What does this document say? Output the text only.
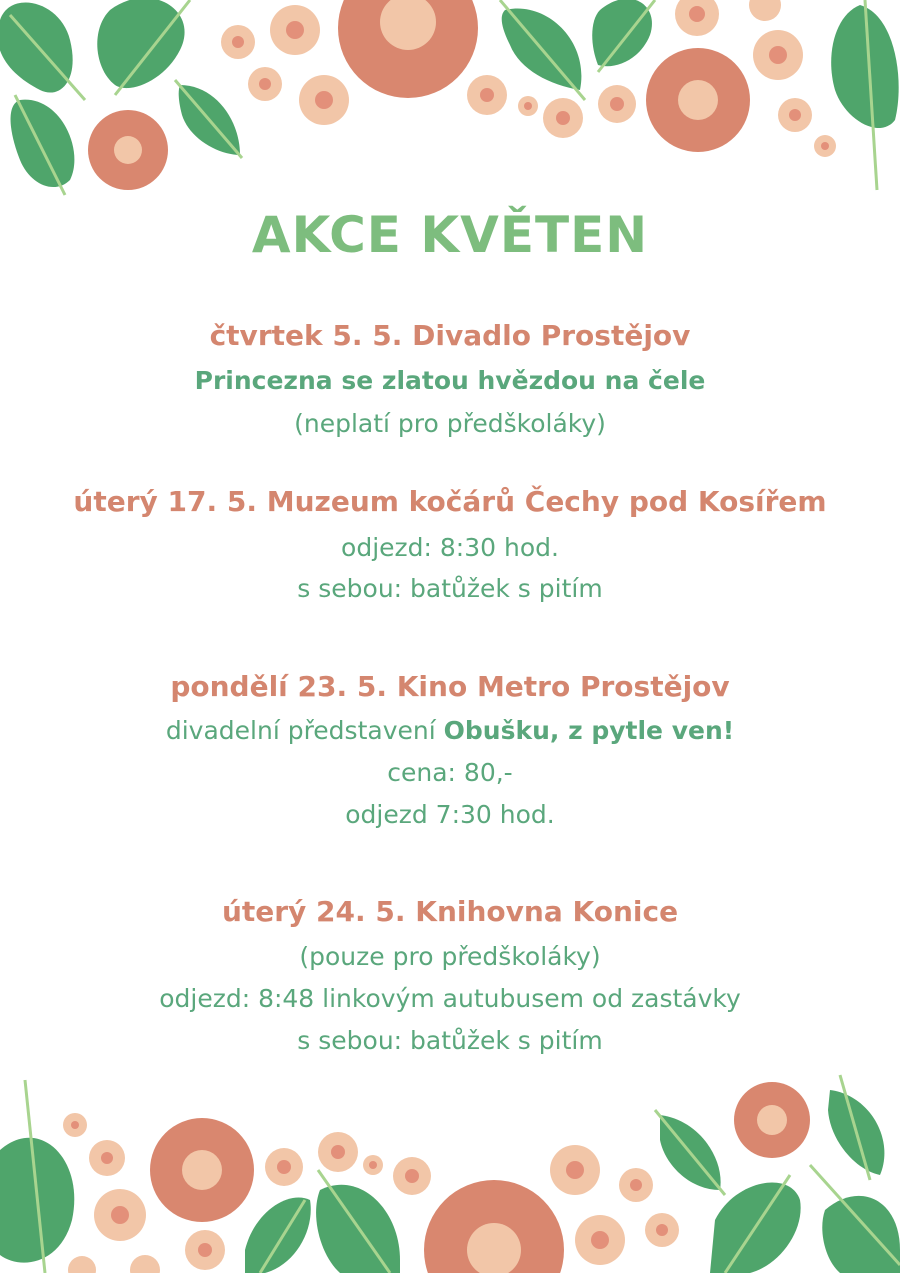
AKCE KVĚTEN
čtvrtek 5. 5. Divadlo Prostějov
Princezna se zlatou hvězdou na čele
(neplatí pro předškoláky)
úterý 17. 5. Muzeum kočárů Čechy pod Kosířem
odjezd: 8:30 hod.
s sebou: batůžek s pitím
pondělí 23. 5. Kino Metro Prostějov
divadelní představení Obušku, z pytle ven!
cena: 80,-
odjezd 7:30 hod.
úterý 24. 5. Knihovna Konice
(pouze pro předškoláky)
odjezd: 8:48 linkovým autubusem od zastávky
s sebou: batůžek s pitím
